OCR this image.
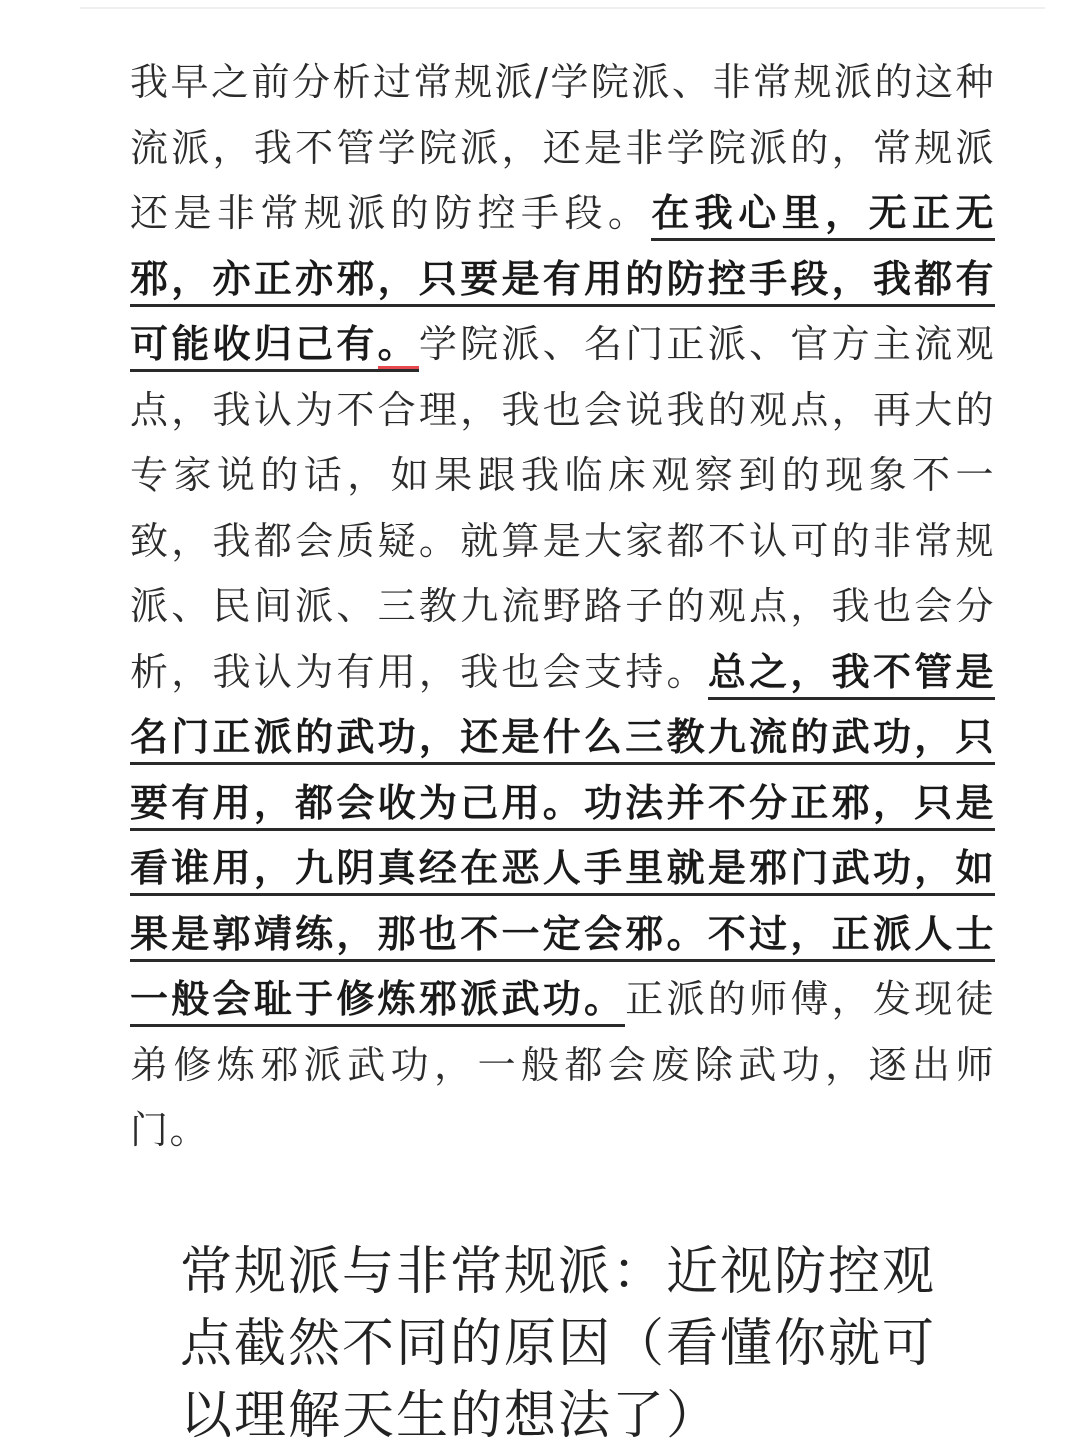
我早之前分析过常规派/学院派、非常规派的这种流派，我不管学院派，还是非学院派的，常规派还是非常规派的防控手段。在我心里，无正无邪，亦正亦邪，只要是有用的防控手段，我都有可能收归己有。学院派、名门正派、官方主流观点，我认为不合理，我也会说我的观点，再大的专家说的话，如果跟我临床观察到的现象不一致，我都会质疑。就算是大家都不认可的非常规派、民间派、三教九流野路子的观点，我也会分析，我认为有用，我也会支持。总之，我不管是名门正派的武功，还是什么三教九流的武功，只要有用，都会收为己用。功法并不分正邪，只是看谁用，九阴真经在恶人手里就是邪门武功，如果是郭靖练，那也不一定会邪。不过，正派人士一般会耻于修炼邪派武功。正派的师傅，发现徒弟修炼邪派武功，一般都会废除武功，逐出师门。

常规派与非常规派：近视防控观点截然不同的原因（看懂你就可以理解天生的想法了）
